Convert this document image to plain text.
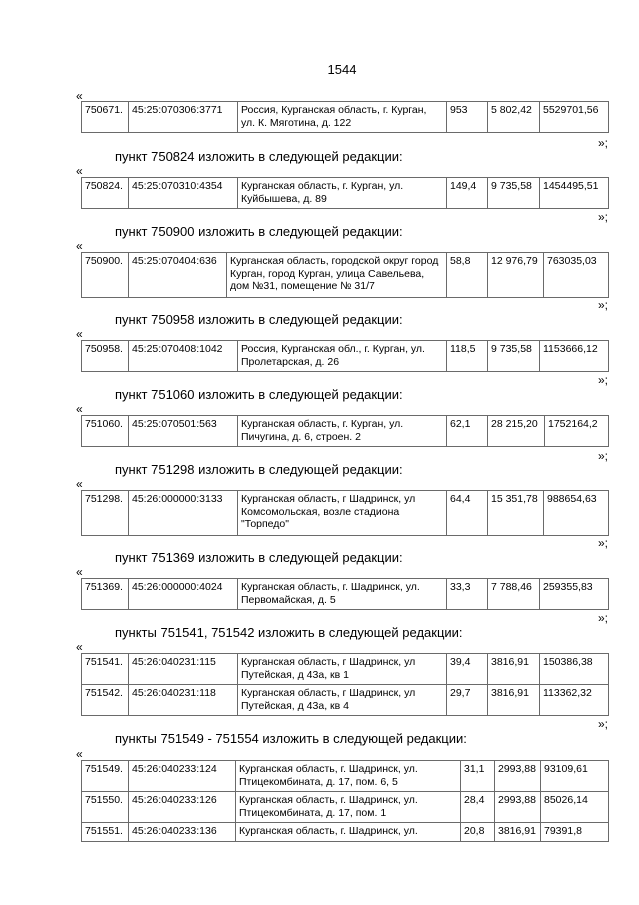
1544
«
750671.	45:25:070306:3771	Россия, Курганская область, г. Курган, ул. К. Мяготина, д. 122	953	5 802,42	5529701,56
»;
пункт 750824 изложить в следующей редакции:
«
750824.	45:25:070310:4354	Курганская область, г. Курган, ул. Куйбышева, д. 89	149,4	9 735,58	1454495,51
»;
пункт 750900 изложить в следующей редакции:
«
750900.	45:25:070404:636	Курганская область, городской округ город Курган, город Курган, улица Савельева, дом №31, помещение № 31/7	58,8	12 976,79	763035,03
»;
пункт 750958 изложить в следующей редакции:
«
750958.	45:25:070408:1042	Россия, Курганская обл., г. Курган, ул. Пролетарская, д. 26	118,5	9 735,58	1153666,12
»;
пункт 751060 изложить в следующей редакции:
«
751060.	45:25:070501:563	Курганская область, г. Курган, ул. Пичугина, д. 6, строен. 2	62,1	28 215,20	1752164,2
»;
пункт 751298 изложить в следующей редакции:
«
751298.	45:26:000000:3133	Курганская область, г Шадринск, ул Комсомольская, возле стадиона "Торпедо"	64,4	15 351,78	988654,63
»;
пункт 751369 изложить в следующей редакции:
«
751369.	45:26:000000:4024	Курганская область, г. Шадринск, ул. Первомайская, д. 5	33,3	7 788,46	259355,83
»;
пункты 751541, 751542 изложить в следующей редакции:
«
751541.	45:26:040231:115	Курганская область, г Шадринск, ул Путейская, д 43а, кв 1	39,4	3816,91	150386,38
751542.	45:26:040231:118	Курганская область, г Шадринск, ул Путейская, д 43а, кв 4	29,7	3816,91	113362,32
»;
пункты 751549 - 751554 изложить в следующей редакции:
«
751549.	45:26:040233:124	Курганская область, г. Шадринск, ул. Птицекомбината, д. 17, пом. 6, 5	31,1	2993,88	93109,61
751550.	45:26:040233:126	Курганская область, г. Шадринск, ул. Птицекомбината, д. 17, пом. 1	28,4	2993,88	85026,14
751551.	45:26:040233:136	Курганская область, г. Шадринск, ул.	20,8	3816,91	79391,8
